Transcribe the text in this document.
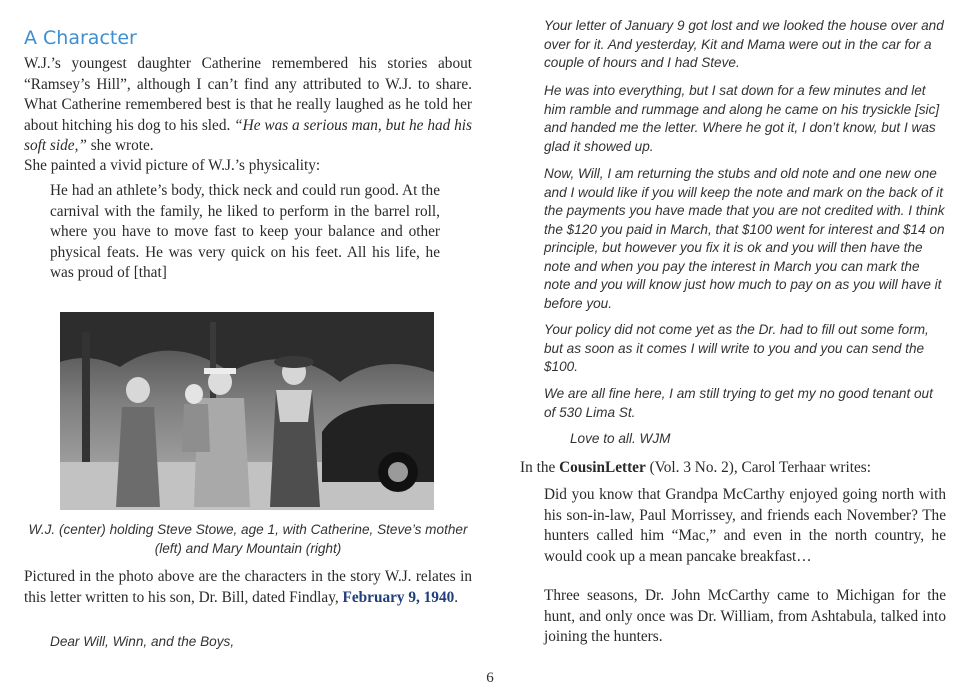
A Character

W.J.’s youngest daughter Catherine remembered his stories about “Ramsey’s Hill”, although I can’t find any attributed to W.J. to share. What Catherine remembered best is that he really laughed as he told her about hitching his dog to his sled. “He was a serious man, but he had his soft side,” she wrote.

She painted a vivid picture of W.J.’s physicality:

He had an athlete’s body, thick neck and could run good. At the carnival with the family, he liked to perform in the barrel roll, where you have to move fast to keep your balance and other physical feats. He was very quick on his feet. All his life, he was proud of [that]

W.J. (center) holding Steve Stowe, age 1, with Catherine, Steve’s mother (left) and Mary Mountain (right)

Pictured in the photo above are the characters in the story W.J. relates in this letter written to his son, Dr. Bill, dated Findlay, February 9, 1940.

Dear Will, Winn, and the Boys,

Your letter of January 9 got lost and we looked the house over and over for it. And yesterday, Kit and Mama were out in the car for a couple of hours and I had Steve.

He was into everything, but I sat down for a few minutes and let him ramble and rummage and along he came on his trysickle [sic] and handed me the letter. Where he got it, I don’t know, but I was glad it showed up.

Now, Will, I am returning the stubs and old note and one new one and I would like if you will keep the note and mark on the back of it the payments you have made that you are not credited with. I think the $120 you paid in March, that $100 went for interest and $14 on principle, but however you fix it is ok and you will then have the note and when you pay the interest in March you can mark the note and you will know just how much to pay on as you will have it before you.

Your policy did not come yet as the Dr. had to fill out some form, but as soon as it comes I will write to you and you can send the $100.

We are all fine here, I am still trying to get my no good tenant out of 530 Lima St.

Love to all. WJM

In the CousinLetter (Vol. 3 No. 2), Carol Terhaar writes:

Did you know that Grandpa McCarthy enjoyed going north with his son-in-law, Paul Morrissey, and friends each November? The hunters called him “Mac,” and even in the north country, he would cook up a mean pancake breakfast…

Three seasons, Dr. John McCarthy came to Michigan for the hunt, and only once was Dr. William, from Ashtabula, talked into joining the hunters.

6
